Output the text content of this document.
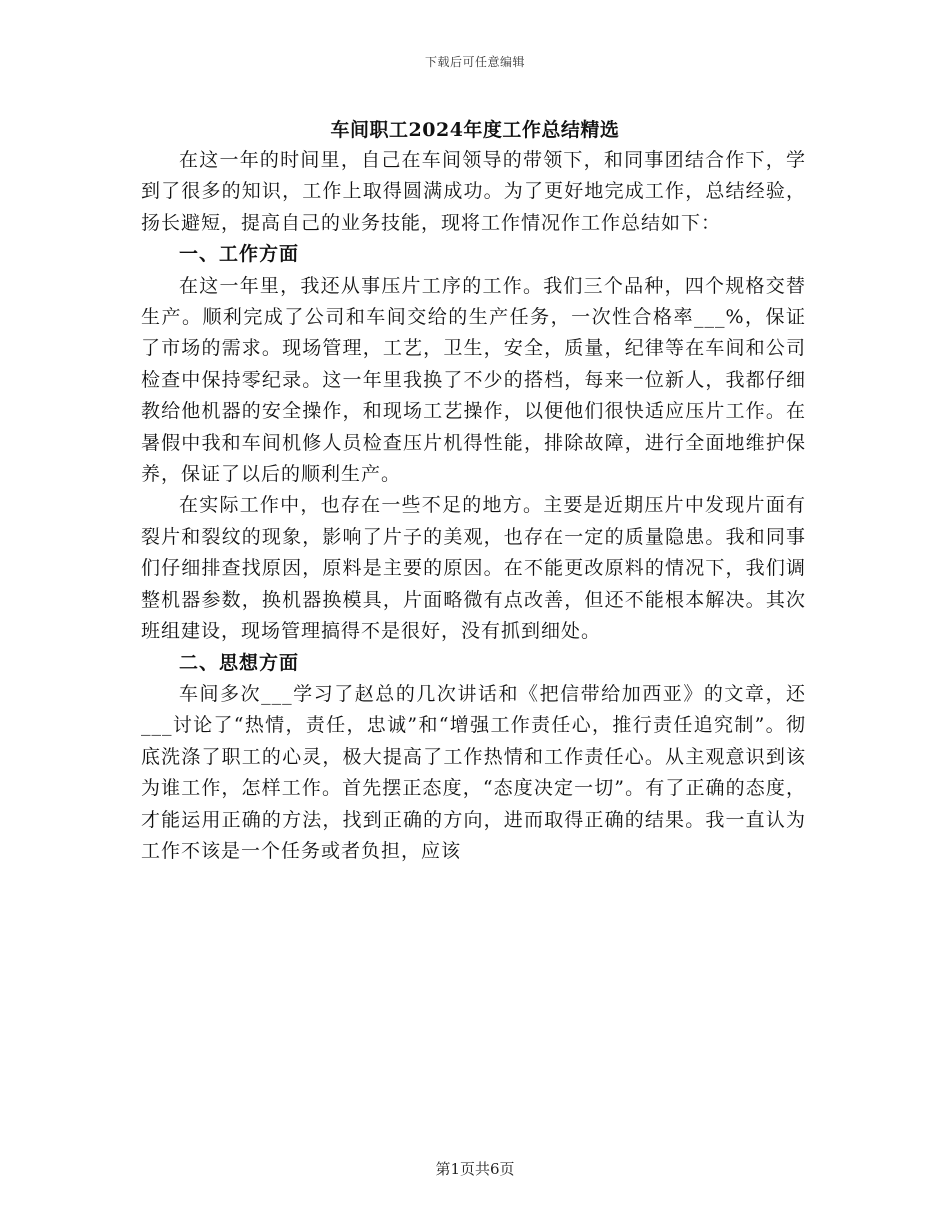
下载后可任意编辑
车间职工2024年度工作总结精选

在这一年的时间里，自己在车间领导的带领下，和同事团结合作下，学到了很多的知识，工作上取得圆满成功。为了更好地完成工作，总结经验，扬长避短，提高自己的业务技能，现将工作情况作工作总结如下：

一、工作方面

在这一年里，我还从事压片工序的工作。我们三个品种，四个规格交替生产。顺利完成了公司和车间交给的生产任务，一次性合格率___%，保证了市场的需求。现场管理，工艺，卫生，安全，质量，纪律等在车间和公司检查中保持零纪录。这一年里我换了不少的搭档，每来一位新人，我都仔细教给他机器的安全操作，和现场工艺操作，以便他们很快适应压片工作。在暑假中我和车间机修人员检查压片机得性能，排除故障，进行全面地维护保养，保证了以后的顺利生产。

在实际工作中，也存在一些不足的地方。主要是近期压片中发现片面有裂片和裂纹的现象，影响了片子的美观，也存在一定的质量隐患。我和同事们仔细排查找原因，原料是主要的原因。在不能更改原料的情况下，我们调整机器参数，换机器换模具，片面略微有点改善，但还不能根本解决。其次班组建设，现场管理搞得不是很好，没有抓到细处。

二、思想方面

车间多次___学习了赵总的几次讲话和《把信带给加西亚》的文章，还___讨论了“热情，责任，忠诚”和“增强工作责任心，推行责任追究制”。彻底洗涤了职工的心灵，极大提高了工作热情和工作责任心。从主观意识到该为谁工作，怎样工作。首先摆正态度，“态度决定一切”。有了正确的态度，才能运用正确的方法，找到正确的方向，进而取得正确的结果。我一直认为工作不该是一个任务或者负担，应该

第1页共6页
